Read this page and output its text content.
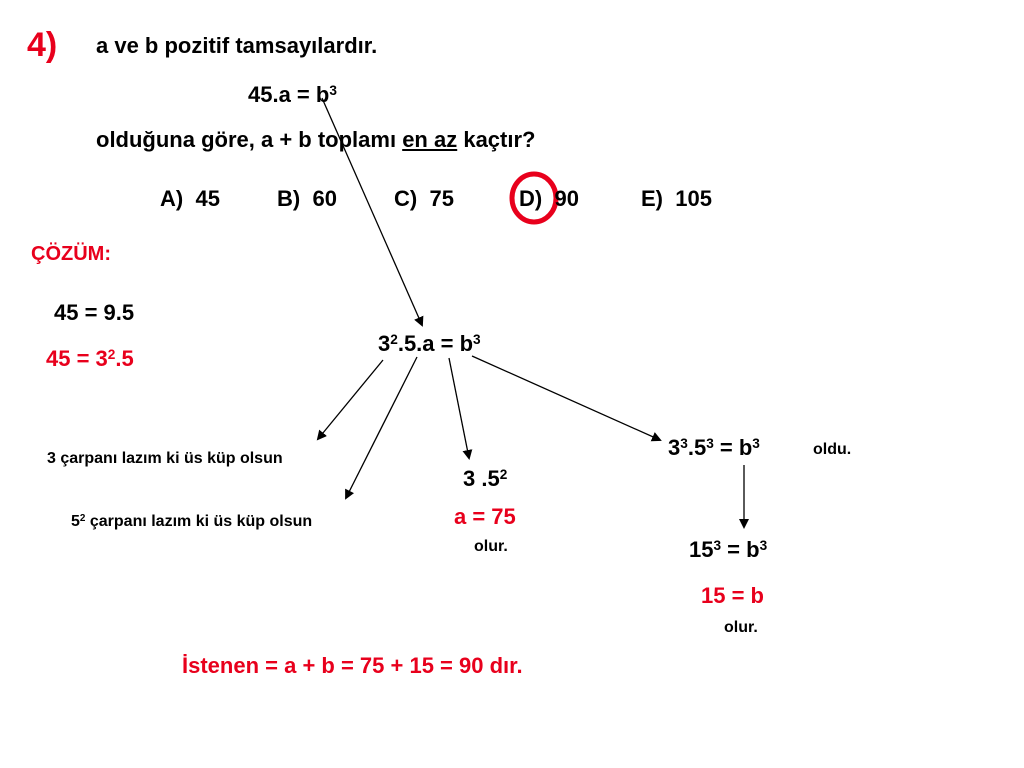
4) a ve b pozitif tamsayılardır.
$45.a = b^3$
olduğuna göre, a + b toplamı en az kaçtır?
A) 45	B) 60	C) 75	D) 90	E) 105
ÇÖZÜM:
45 = 9.5
$45 = 3^2.5$
$3^2.5.a = b^3$
3 çarpanı lazım ki üs küp olsun
$5^2$ çarpanı lazım ki üs küp olsun
3 $.5^2$
a = 75
olur.
$3^3.5^3 = b^3$	oldu.
$15^3 = b^3$
15 = b
olur.
İstenen = a + b = 75 + 15 = 90 dır.
